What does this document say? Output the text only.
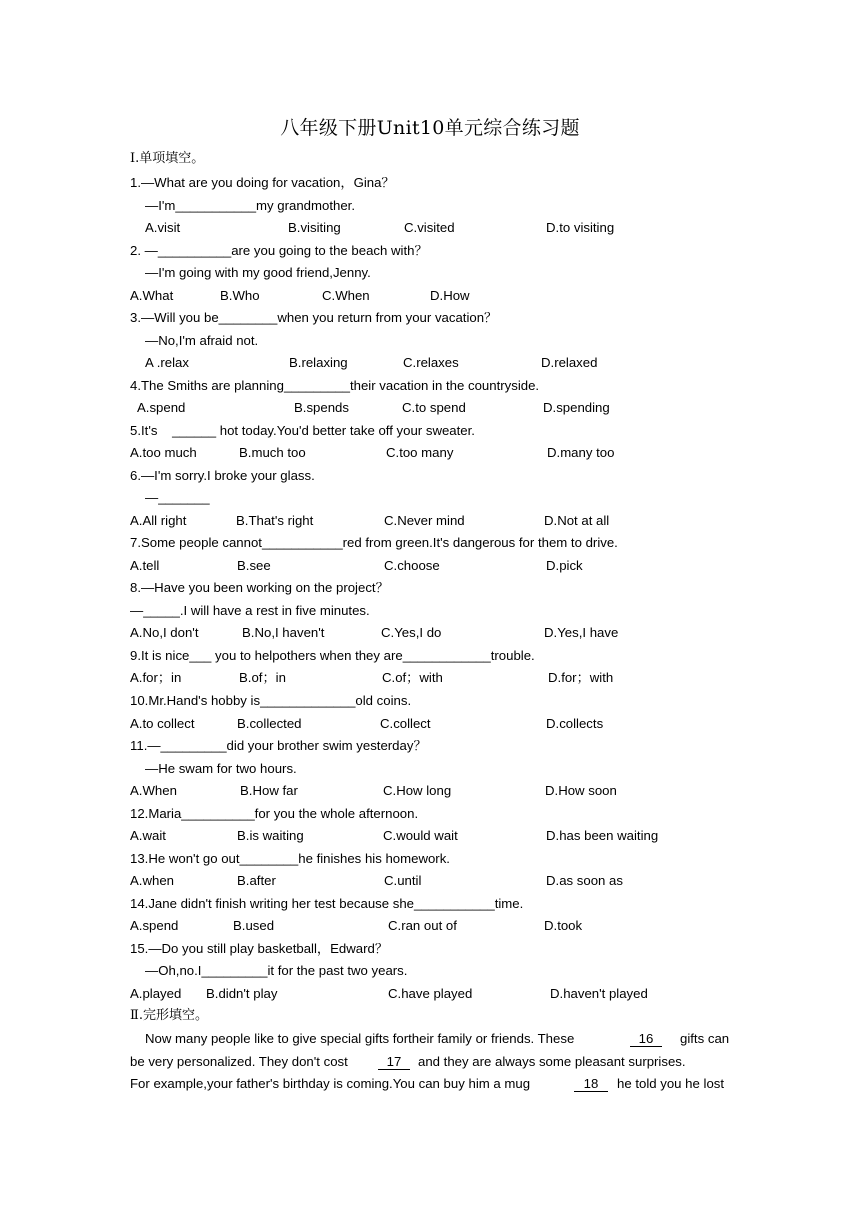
八年级下册Unit10单元综合练习题
Ⅰ.单项填空。
1.—What are you doing for vacation，Gina？
—I'm___________my grandmother.

A.visit

	B.visiting

	C.visited

	D.to visiting

2. —__________are you going to the beach with？
—I'm going with my good friend,Jenny.

A.What

	B.Who

	C.When

	D.How

3.—Will you be________when you return from your vacation？
—No,I'm afraid not.

A .relax

	B.relaxing

	C.relaxes

	D.relaxed

4.The Smiths are planning_________their vacation in the countryside.

A.spend

	B.spends

	C.to spend

	D.spending

5.It's    ______ hot today.You'd better take off your sweater.

A.too much

	B.much too

	C.too many

	D.many too

6.—I'm sorry.I broke your glass.
—_______

A.All right

	B.That's right

	C.Never mind

	D.Not at all

7.Some people cannot___________red from green.It's dangerous for them to drive.

A.tell

	B.see

	C.choose

	D.pick

8.—Have you been working on the project？
—_____.I will have a rest in five minutes.

A.No,I don't

	B.No,I haven't

	C.Yes,I do

	D.Yes,I have

9.It is nice___ you to helpothers when they are____________trouble.

A.for；in

	B.of；in

	C.of；with

	D.for；with

10.Mr.Hand's hobby is_____________old coins.

A.to collect

	B.collected

	C.collect

	D.collects

11.—_________did your brother swim yesterday？
—He swam for two hours.

A.When

	B.How far

	C.How long

	D.How soon

12.Maria__________for you the whole afternoon.

A.wait

	B.is waiting

	C.would wait

	D.has been waiting

13.He won't go out________he finishes his homework.

A.when

	B.after

	C.until

	D.as soon as

14.Jane didn't finish writing her test because she___________time.

A.spend

	B.used

	C.ran out of

	D.took

15.—Do you still play basketball，Edward？
—Oh,no.I_________it for the past two years.

A.played

B.didn't play

	C.have played

	D.haven't played

Ⅱ.完形填空。
Now many people like to give special gifts fortheir family or friends. These	16	gifts can
be very personalized. They don't cost	17	and they are always some pleasant surprises.
For example,your father's birthday is coming.You can buy him a mug	18	he told you he lost
